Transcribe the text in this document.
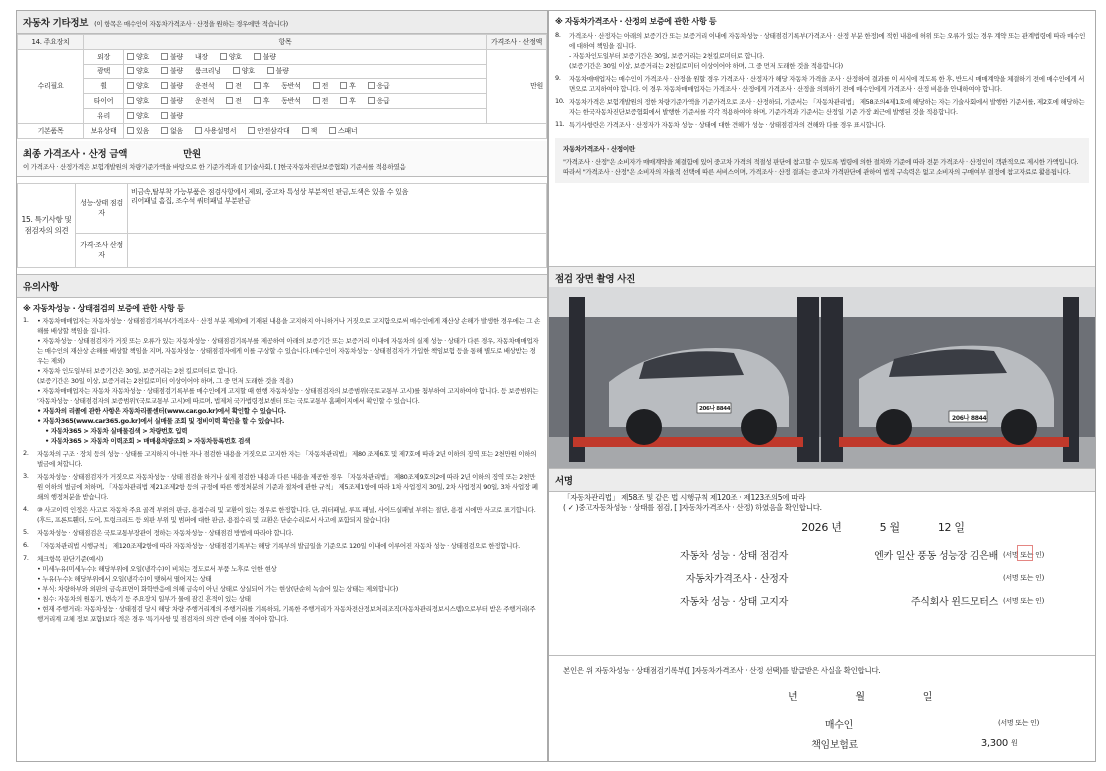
자동차 기타정보 (이 항목은 매수인이 자동차가격조사 · 산정을 원하는 경우에만 적습니다)
14. 주요장치	항목		가격조사 · 산정액
수리필요	외장	양호 불량 내장 양호 불량	만원
	광택	양호 불량 룸크리닝 양호 불량	
	휠	양호 불량 운전석 전 후 동반석 전 후 응급	
	타이어	양호 불량 운전석 전 후 동반석 전 후 응급	
	유리	양호 불량	
기본품목	보유상태	있음 없음 사용설명서 안전삼각대 잭 스패너	
최종 가격조사 · 산정 금액	만원
이 가격조사 · 산정가격은 보험개발원의 차량기준가액을 바탕으로 한 기준가격과 ([ ]기술사회, [ ]한국자동차진단보증협회) 기준서를 적용하였음
15. 특기사항 및 점검자의 의견	성능·상태 점검자	비금속,탈부착 가능부품은 점검사항에서 제외, 중고차 특성상 부분적인 판금,도색은 있을 수 있음
리어패널 흠집, 조수석 쿼터패널 부분판금
	가격·조사 산정자	
유의사항
※ 자동차성능 · 상태점검의 보증에 관한 사항 등
1.	• 자동차매매업자는 자동차성능 · 상태점검기록부(가격조사 · 산정 부분 제외)에 기재된 내용을 고지하지 아니하거나 거짓으로 고지함으로써 매수인에게 재산상 손해가 발생한 경우에는 그 손해를 배상할 책임을 집니다.

• 자동차성능 · 상태점검자가 거짓 또는 오류가 있는 자동차성능 · 상태점검기록부를 제공하여 아래의 보증기간 또는 보증거리 이내에 자동차의 실제 성능 · 상태가 다른 경우, 자동차매매업자는 매수인의 재산상 손해를 배상할 책임을 지며, 자동차성능 · 상태점검자에게 이를 구상할 수 있습니다.(매수인이 자동차성능 · 상태점검자가 가입한 책임보험 등을 통해 별도로 배상받는 경우는 제외)

• 자동차 인도일부터 보증기간은 30일, 보증거리는 2천 킬로미터로 합니다.

(보증기간은 30일 이상, 보증거리는 2천킬로미터 이상이어야 하며, 그 중 먼저 도래한 것을 적용)

• 자동차매매업자는 자동차 자동차성능 · 상태점검기록부를 매수인에게 고지할 때 현행 자동차성능 · 상태점검자의 보증범위(국토교통부 고시)를 첨부하여 고지하여야 합니다. 등 보증범위는 '자동차성능 · 상태점검자의 보증범위'(국토교통부 고시)에 따르며, 법제처 국가법령정보센터 또는 국토교통부 홈페이지에서 확인할 수 있습니다.

• 자동차의 리콜에 관한 사항은 자동차리콜센터(www.car.go.kr)에서 확인할 수 있습니다.

• 자동차365(www.car365.go.kr)에서 실매물 조회 및 정비이력 확인을 할 수 있습니다.

• 자동차365 > 자동차 실매물검색 > 차량번호 입력

• 자동차365 > 자동차 이력조회 > 매매용차량조회 > 자동차등록번호 검색

2.	자동차의 구조 · 장치 등의 성능 · 상태를 고지하지 아니한 자나 점검한 내용을 거짓으로 고지한 자는 「자동차관리법」 제80 조제6호 및 제7호에 따라 2년 이하의 징역 또는 2천만원 이하의 벌금에 처합니다.

3.	자동차성능 · 상태점검자가 거짓으로 자동차성능 · 상태 점검을 하거나 실제 점검한 내용과 다른 내용을 제공한 경우 「자동차관리법」 제80조제9호의2에 따라 2년 이하의 징역 또는 2천만원 이하의 벌금에 처하며, 「자동차관리법 제21조제2항 등의 규정에 따른 행정처분의 기준과 절차에 관한 규칙」 제5조제1항에 따라 1차 사업정지 30일, 2차 사업정지 90일, 3차 사업장 폐쇄의 행정처분을 받습니다.

4.	⑩ 사고이력 인정은 사고로 자동차 주요 골격 부위의 판금, 용접수리 및 교환이 있는 경우로 한정합니다. 단, 쿼터패널, 루프 패널, 사이드실패널 부위는 절단, 용접 시에만 사고로 표기합니다.

(후드, 프론트휀더, 도어, 트렁크리드 등 외판 부위 및 범퍼에 대한 판금, 용접수리 및 교환은 단순수리로서 사고에 포함되지 않습니다)

5.	자동차성능 · 상태점검은 국토교통부장관이 정하는 자동차성능 · 상태점검 방법에 따라야 합니다.

6.	「자동차관리법 시행규칙」 제120조제2항에 따라 자동차성능 · 상태점검기록부는 해당 기록부의 발급일을 기준으로 120일 이내에 이루어진 자동차 성능 · 상태점검으로 한정합니다.

7.	체크항목 판단기준(예시)

• 미세누유(미세누수): 해당부위에 오일(냉각수)이 비치는 정도로서 부품 노후로 인한 현상

• 누유(누수): 해당부위에서 오일(냉각수)이 맺혀서 떨어지는 상태

• 부식: 차량하부와 외판의 금속표면이 화학반응에 의해 금속이 아닌 상태로 상실되어 가는 현상(단순히 녹슬어 있는 상태는 제외합니다)

• 침수: 자동차의 원동기, 변속기 등 주요장치 일부가 물에 잠긴 흔적이 있는 상태

• 현재 주행거리: 자동차성능 · 상태점검 당시 해당 차량 주행거리계의 주행거리를 기록하되, 기록한 주행거리가 자동차전산정보처리조직(자동차관리정보시스템)으로부터 받은 주행거리(주행거리계 교체 정보 포함)보다 적은 경우 '특기사항 및 점검자의 의견' 란에 이를 적어야 합니다.

※ 자동차가격조사 · 산정의 보증에 관한 사항 등
8.	가격조사 · 산정자는 아래의 보증기간 또는 보증거리 이내에 자동차성능 · 상태점검기록부(가격조사 · 산정 부분 한정)에 적힌 내용에 허위 또는 오류가 있는 경우 계약 또는 관계법령에 따라 매수인에 대하여 책임을 집니다.

- 자동차인도일부터 보증기간은 30일, 보증거리는 2천킬로미터로 합니다.

(보증기간은 30일 이상, 보증거리는 2천킬로미터 이상이어야 하며, 그 중 먼저 도래한 것을 적용합니다)

9.	자동차매매업자는 매수인이 가격조사 · 산정을 원할 경우 가격조사 · 산정자가 해당 자동차 가격을 조사 · 산정하여 결과를 이 서식에 적도록 한 후, 반드시 매매계약을 체결하기 전에 매수인에게 서면으로 고지하여야 합니다. 이 경우 자동차매매업자는 가격조사 · 산정에게 가격조사 · 산정을 의뢰하기 전에 매수인에게 가격조사 · 산정 비용을 안내하여야 합니다.

10. 자동차가격은 보험개발원의 정한 차량기준가액을 기준가격으로 조사 · 산정하되, 기준서는 「자동차관리법」 제58조의4제1호에 해당하는 자는 기술사회에서 발행한 기준서를, 제2호에 해당하는 자는 한국자동차진단보증협회에서 발행한 기준서를 각각 적용하여야 하며, 기준가격과 기준서는 산정일 기준 가장 최근에 발행된 것을 적용합니다.

11. 특기사항란은 가격조사 · 산정자가 자동차 성능 · 상태에 대한 견해가 성능 · 상태점검자의 견해와 다를 경우 표시합니다.

자동차가격조사 · 산정이란

"가격조사 · 산정"은 소비자가 매매계약을 체결함에 있어 중고차 가격의 적절성 판단에 참고할 수 있도록 법령에 의한 절차와 기준에 따라 전문 가격조사 · 산정인이 객관적으로 제시한 가액입니다. 따라서 "가격조사 · 산정"은 소비자의 자율적 선택에 따른 서비스이며, 가격조사 · 산정 결과는 중고차 가격판단에 관하여 법적 구속력은 없고 소비자의 구매여부 결정에 참고자료로 활용됩니다.

점검 장면 촬영 사진
206나 8844
206나 8844
서명

「자동차관리법」 제58조 및 같은 법 시행규칙 제120조 · 제123조의5에 따라

( ✓ )중고자동차성능 · 상태를 점검, [ ]자동차가격조사 · 산정) 하였음을 확인합니다.

2026 년	5 월	12 일
자동차 성능 · 상태 점검자	엔카 일산 풍동 성능장 김은배 (서명 또는 인)
자동차가격조사 · 산정자	(서명 또는 인)
자동차 성능 · 상태 고지자	주식회사 윈드모터스 (서명 또는 인)

본인은 위 자동차성능 · 상태점검기록부([ ]자동차가격조사 · 산정 선택)를 발급받은 사실을 확인합니다.

년	월	일
매수인	(서명 또는 인)
책임보험료	3,300 원
